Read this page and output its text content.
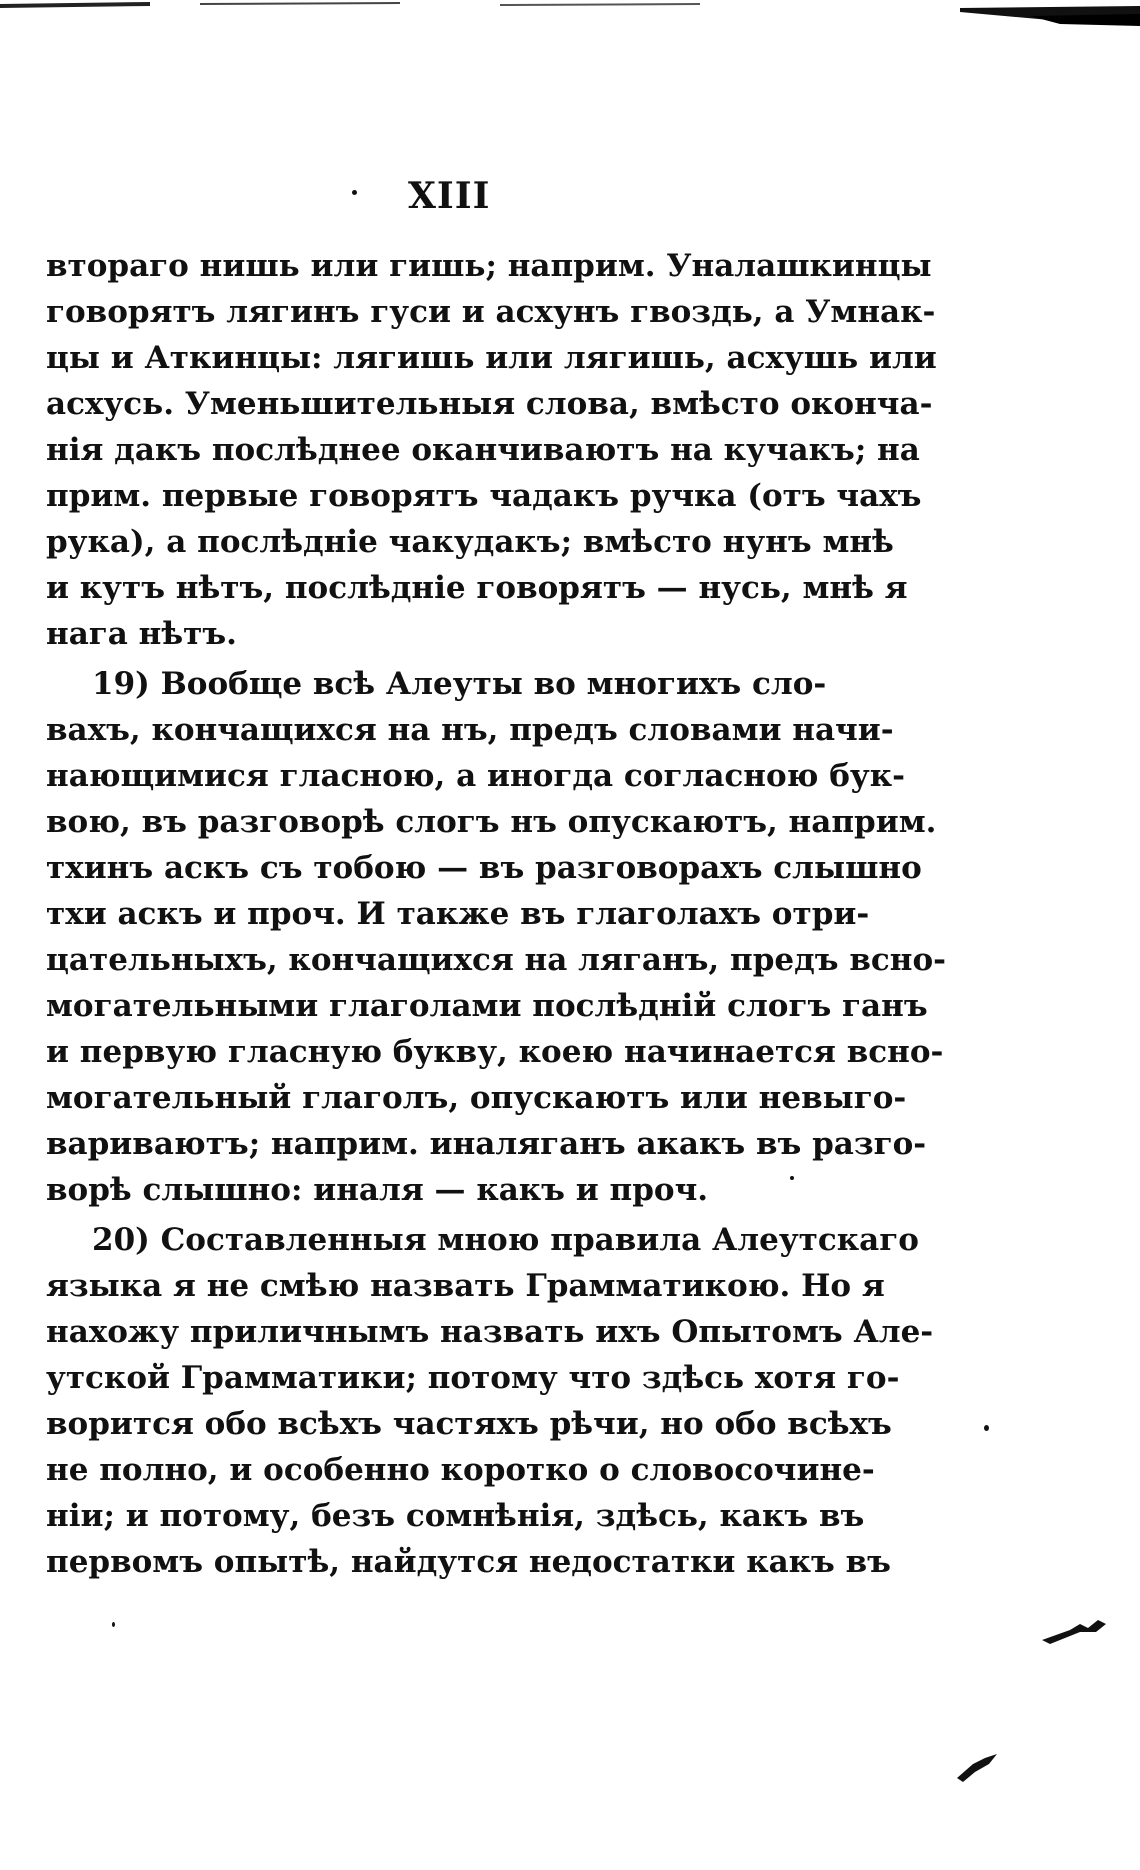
XIII
втораго нишь или гишь; наприм. Уналашкинцы
говорятъ лягинъ гуси и асхунъ гвоздь, а Умнак-
цы и Аткинцы: лягишь или лягишь, асхушь или
асхусь. Уменьшительныя слова, вмѣсто оконча-
нія дакъ послѣднее оканчиваютъ на кучакъ; на
прим. первые говорятъ чадакъ ручка (отъ чахъ
рука), а послѣдніе чакудакъ; вмѣсто нунъ мнѣ
и кутъ нѣтъ, послѣдніе говорятъ — нусь, мнѣ я
нага нѣтъ.
19) Вообще всѣ Алеуты во многихъ сло-
вахъ, кончащихся на нъ, предъ словами начи-
нающимися гласною, а иногда согласною бук-
вою, въ разговорѣ слогъ нъ опускаютъ, наприм.
тхинъ аскъ съ тобою — въ разговорахъ слышно
тхи аскъ и проч. И также въ глаголахъ отри-
цательныхъ, кончащихся на ляганъ, предъ всно-
могательными глаголами послѣдній слогъ ганъ
и первую гласную букву, коею начинается всно-
могательный глаголъ, опускаютъ или невыго-
вариваютъ; наприм. иналяганъ акакъ въ разго-
ворѣ слышно: иналя — какъ и проч.
20) Составленныя мною правила Алеутскаго
языка я не смѣю назвать Грамматикою. Но я
нахожу приличнымъ назвать ихъ Опытомъ Але-
утской Грамматики; потому что здѣсь хотя го-
ворится обо всѣхъ частяхъ рѣчи, но обо всѣхъ
не полно, и особенно коротко о словосочине-
ніи; и потому, безъ сомнѣнія, здѣсь, какъ въ
первомъ опытѣ, найдутся недостатки какъ въ
